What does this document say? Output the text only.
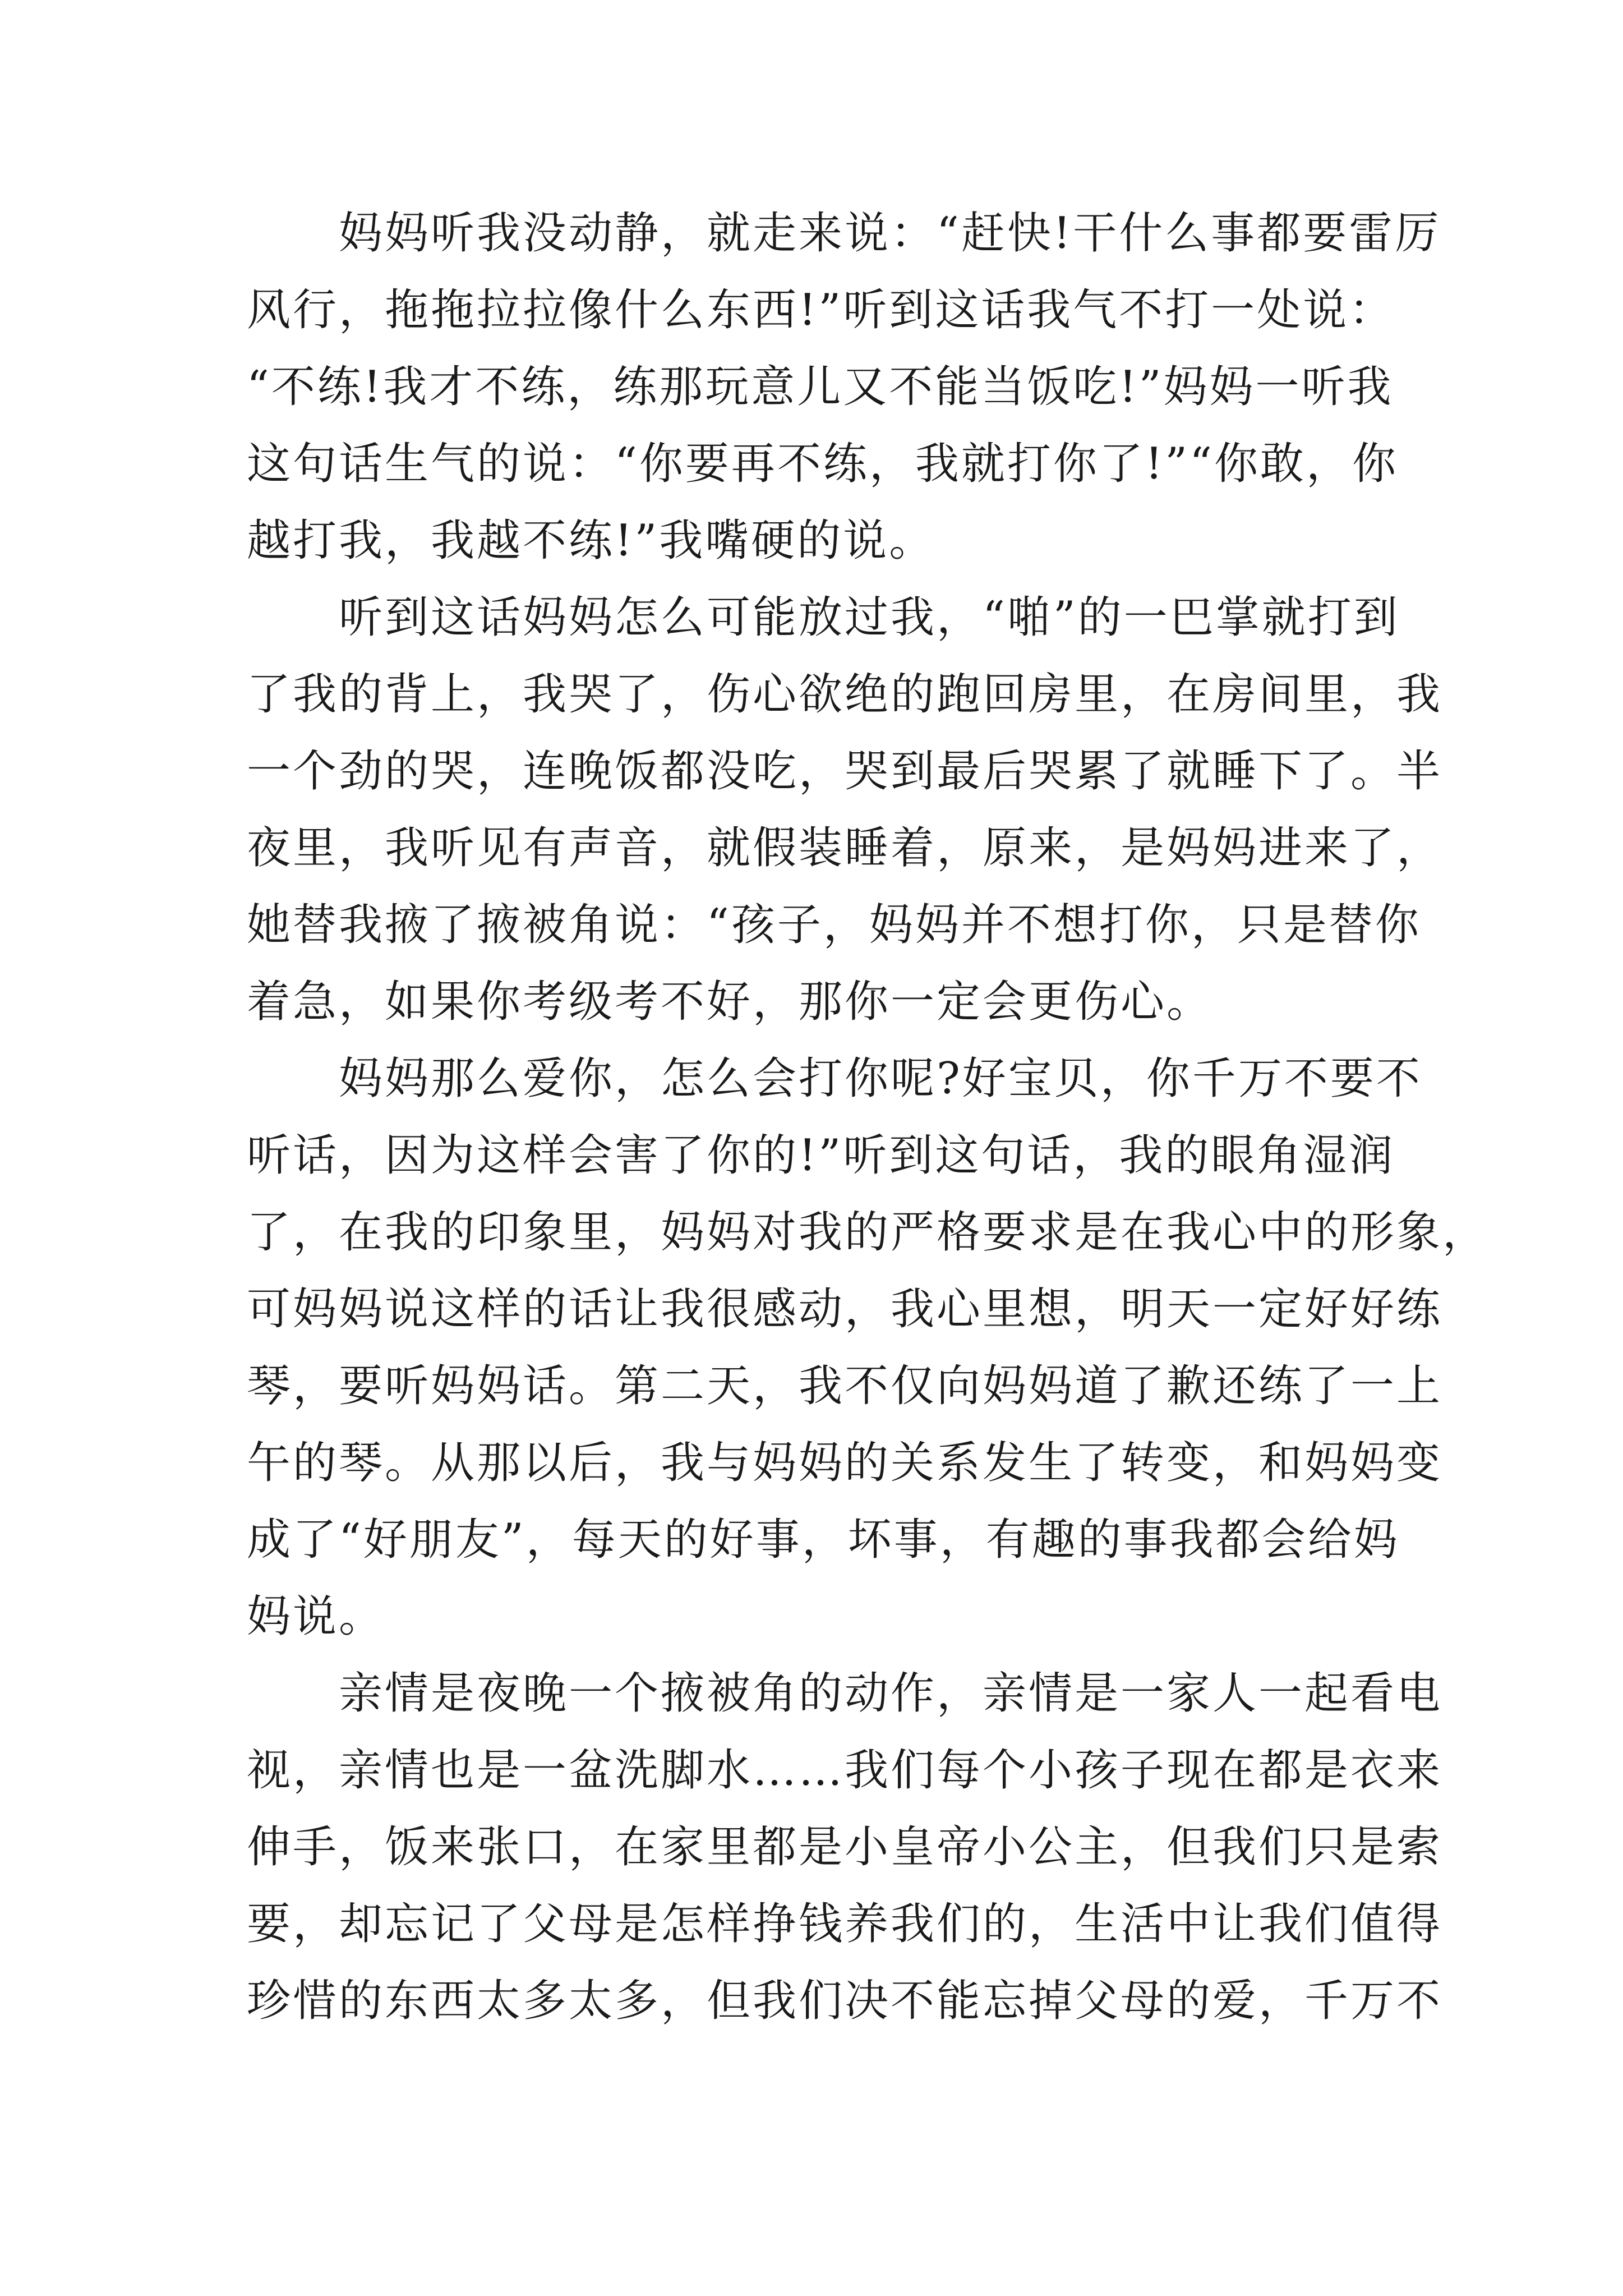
　　妈妈听我没动静，就走来说：“赶快!干什么事都要雷厉
风行，拖拖拉拉像什么东西!”听到这话我气不打一处说：
“不练!我才不练，练那玩意儿又不能当饭吃!”妈妈一听我
这句话生气的说：“你要再不练，我就打你了!”“你敢，你
越打我，我越不练!”我嘴硬的说。

　　听到这话妈妈怎么可能放过我，“啪”的一巴掌就打到
了我的背上，我哭了，伤心欲绝的跑回房里，在房间里，我
一个劲的哭，连晚饭都没吃，哭到最后哭累了就睡下了。半
夜里，我听见有声音，就假装睡着，原来，是妈妈进来了，
她替我掖了掖被角说：“孩子，妈妈并不想打你，只是替你
着急，如果你考级考不好，那你一定会更伤心。

　　妈妈那么爱你，怎么会打你呢?好宝贝，你千万不要不
听话，因为这样会害了你的!”听到这句话，我的眼角湿润
了，在我的印象里，妈妈对我的严格要求是在我心中的形象，
可妈妈说这样的话让我很感动，我心里想，明天一定好好练
琴，要听妈妈话。第二天，我不仅向妈妈道了歉还练了一上
午的琴。从那以后，我与妈妈的关系发生了转变，和妈妈变
成了“好朋友”，每天的好事，坏事，有趣的事我都会给妈
妈说。

　　亲情是夜晚一个掖被角的动作，亲情是一家人一起看电
视，亲情也是一盆洗脚水……我们每个小孩子现在都是衣来
伸手，饭来张口，在家里都是小皇帝小公主，但我们只是索
要，却忘记了父母是怎样挣钱养我们的，生活中让我们值得
珍惜的东西太多太多，但我们决不能忘掉父母的爱，千万不
